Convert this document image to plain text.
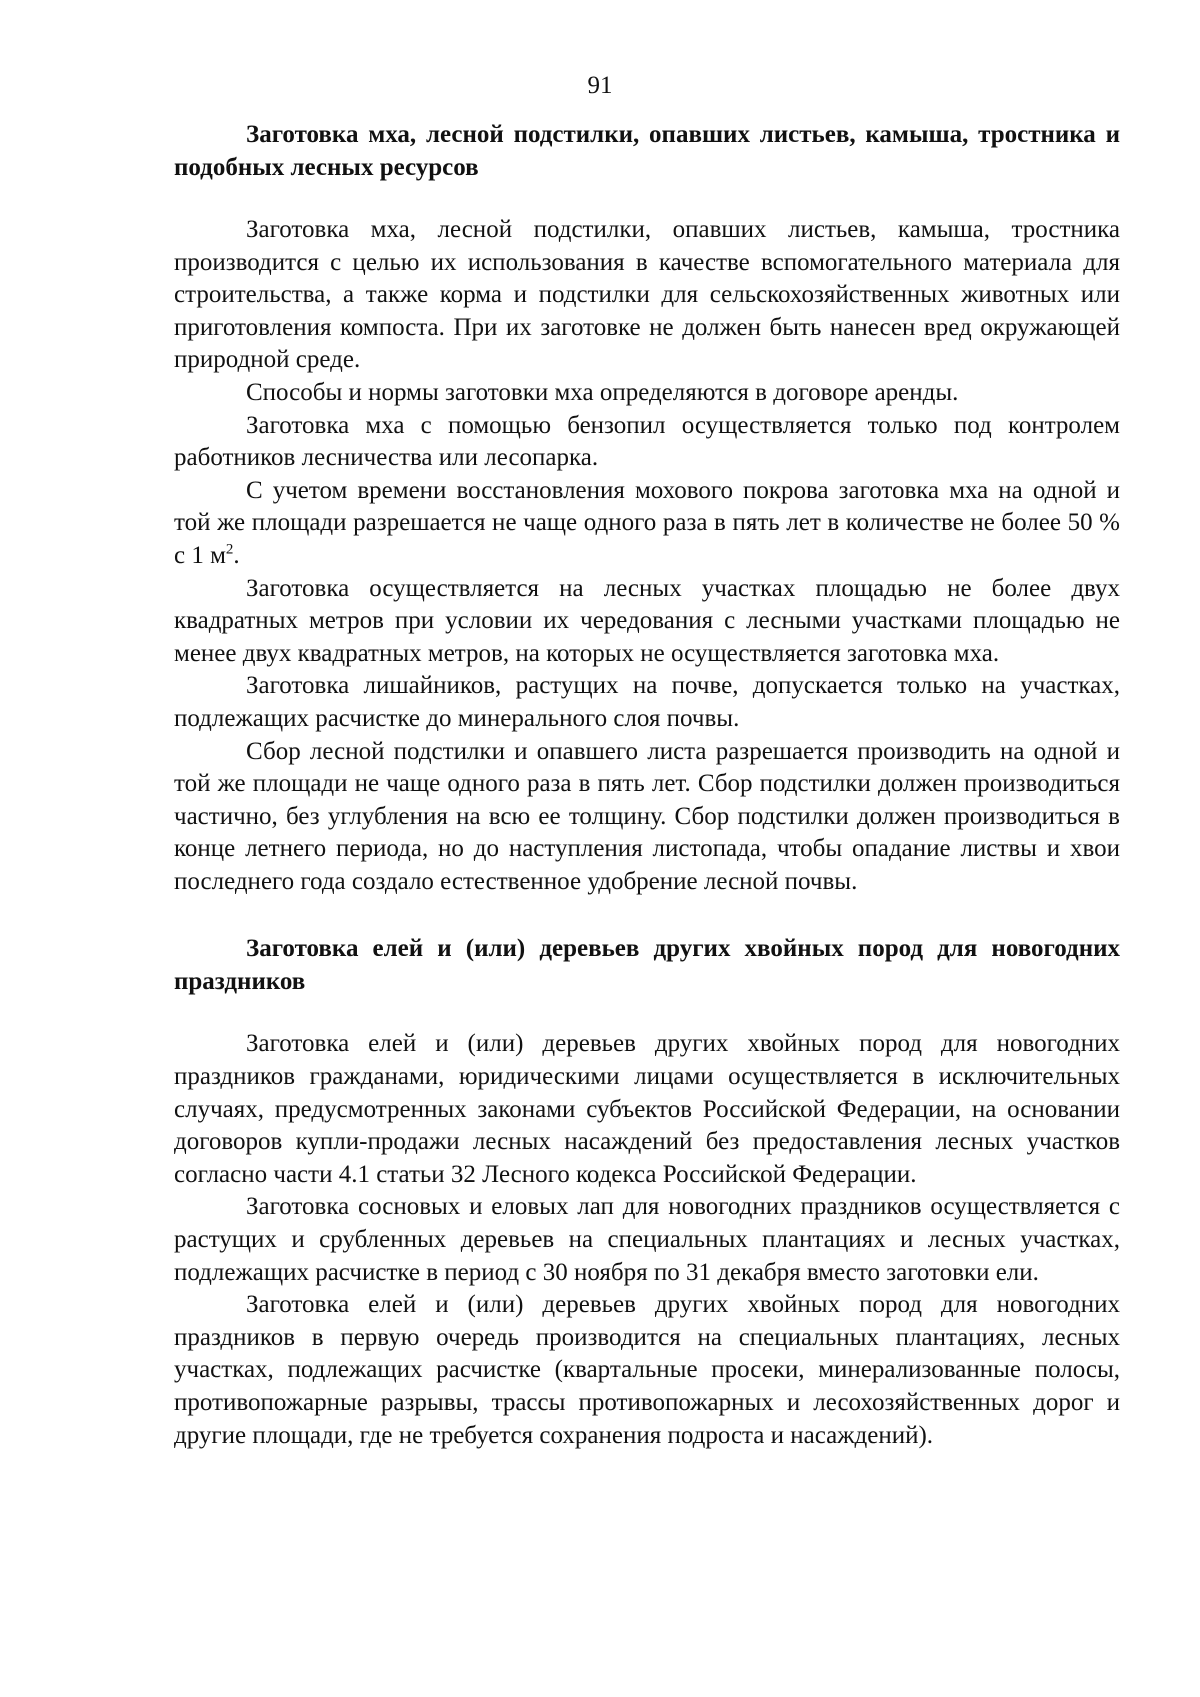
91
Заготовка мха, лесной подстилки, опавших листьев, камыша, тростника и подобных лесных ресурсов

Заготовка мха, лесной подстилки, опавших листьев, камыша, тростника производится с целью их использования в качестве вспомогательного материала для строительства, а также корма и подстилки для сельскохозяйственных животных или приготовления компоста. При их заготовке не должен быть нанесен вред окружающей природной среде.

Способы и нормы заготовки мха определяются в договоре аренды.

Заготовка мха с помощью бензопил осуществляется только под контролем работников лесничества или лесопарка.

С учетом времени восстановления мохового покрова заготовка мха на одной и той же площади разрешается не чаще одного раза в пять лет в количестве не более 50 % с 1 $м^2$.

Заготовка осуществляется на лесных участках площадью не более двух квадратных метров при условии их чередования с лесными участками площадью не менее двух квадратных метров, на которых не осуществляется заготовка мха.

Заготовка лишайников, растущих на почве, допускается только на участках, подлежащих расчистке до минерального слоя почвы.

Сбор лесной подстилки и опавшего листа разрешается производить на одной и той же площади не чаще одного раза в пять лет. Сбор подстилки должен производиться частично, без углубления на всю ее толщину. Сбор подстилки должен производиться в конце летнего периода, но до наступления листопада, чтобы опадание листвы и хвои последнего года создало естественное удобрение лесной почвы.

Заготовка елей и (или) деревьев других хвойных пород для новогодних праздников

Заготовка елей и (или) деревьев других хвойных пород для новогодних праздников гражданами, юридическими лицами осуществляется в исключительных случаях, предусмотренных законами субъектов Российской Федерации, на основании договоров купли-продажи лесных насаждений без предоставления лесных участков согласно части 4.1 статьи 32 Лесного кодекса Российской Федерации.

Заготовка сосновых и еловых лап для новогодних праздников осуществляется с растущих и срубленных деревьев на специальных плантациях и лесных участках, подлежащих расчистке в период с 30 ноября по 31 декабря вместо заготовки ели.

Заготовка елей и (или) деревьев других хвойных пород для новогодних праздников в первую очередь производится на специальных плантациях, лесных участках, подлежащих расчистке (квартальные просеки, минерализованные полосы, противопожарные разрывы, трассы противопожарных и лесохозяйственных дорог и другие площади, где не требуется сохранения подроста и насаждений).
